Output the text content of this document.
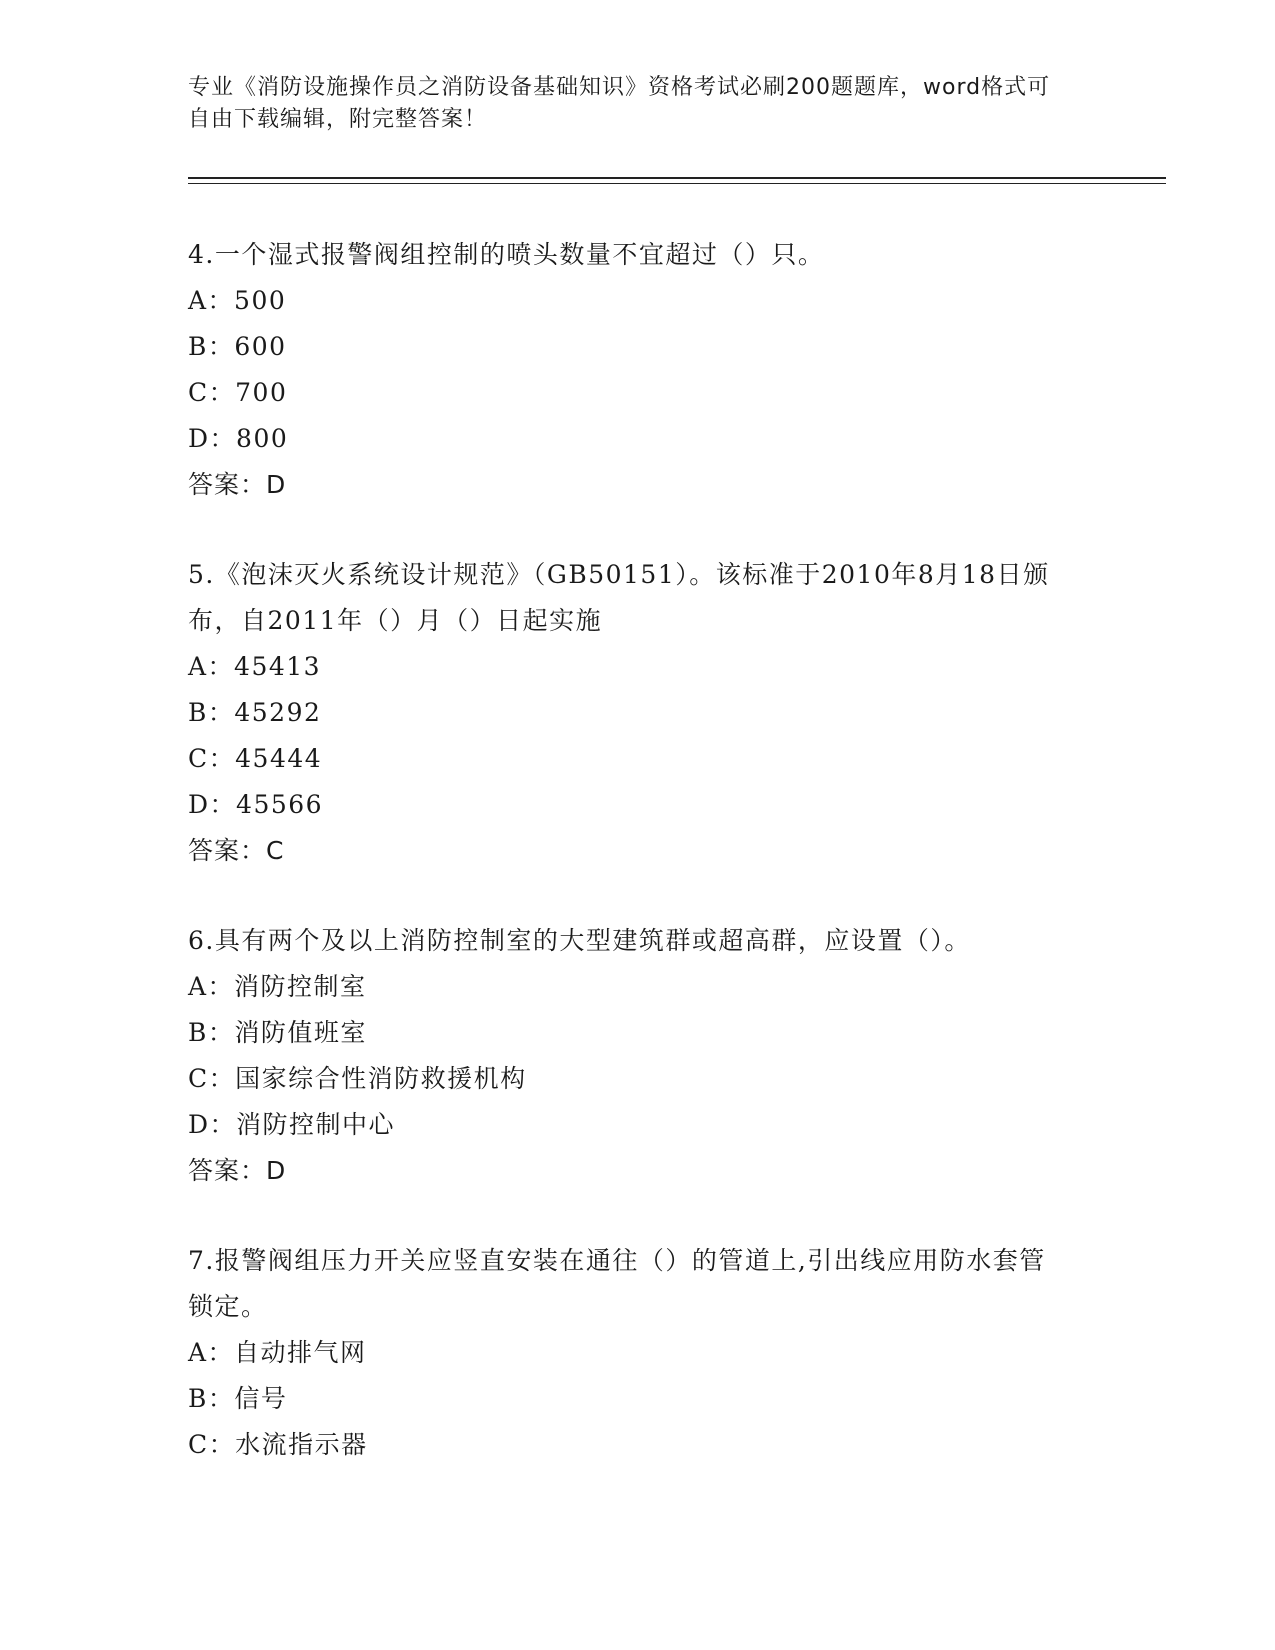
专业《消防设施操作员之消防设备基础知识》资格考试必刷200题题库，word格式可自由下载编辑，附完整答案！
4.一个湿式报警阀组控制的喷头数量不宜超过（）只。
A：500
B：600
C：700
D：800
答案：D
5.《泡沫灭火系统设计规范》（GB50151）。该标准于2010年8月18日颁布，自2011年（）月（）日起实施
A：45413
B：45292
C：45444
D：45566
答案：C
6.具有两个及以上消防控制室的大型建筑群或超高群，应设置（）。
A：消防控制室
B：消防值班室
C：国家综合性消防救援机构
D：消防控制中心
答案：D
7.报警阀组压力开关应竖直安装在通往（）的管道上,引出线应用防水套管锁定。
A：自动排气网
B：信号
C：水流指示器
